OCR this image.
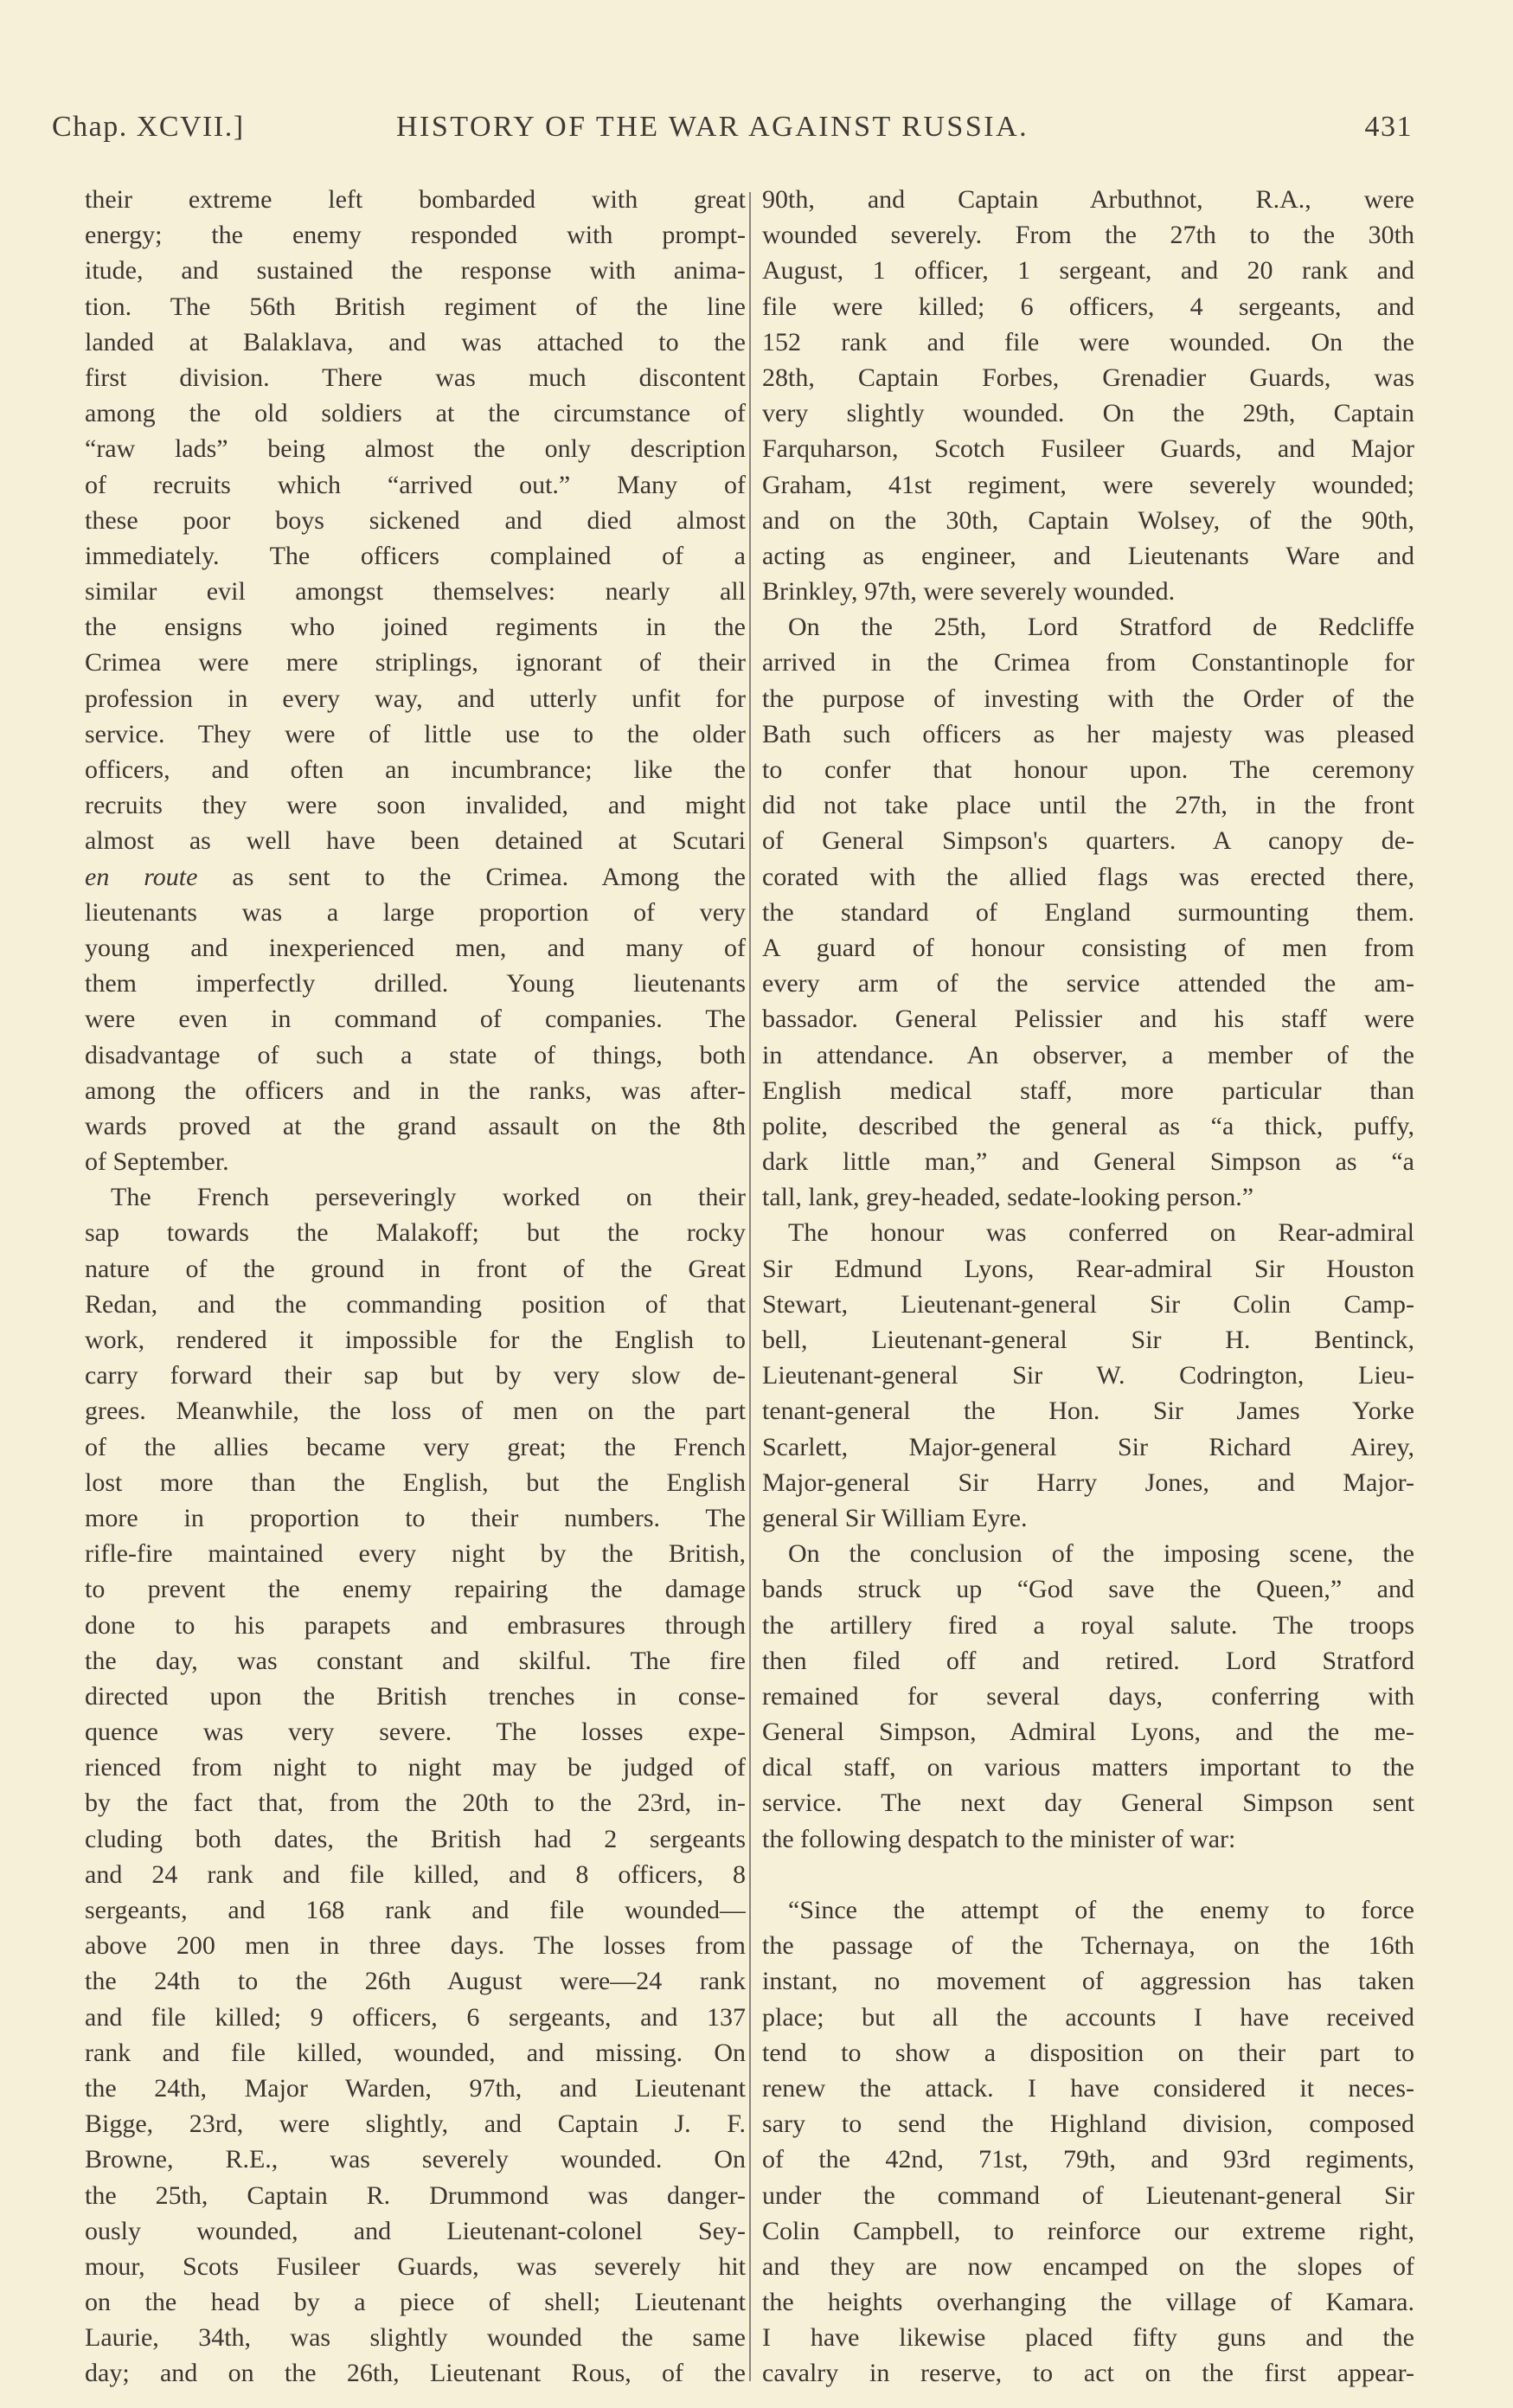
Chap. XCVII.]	HISTORY OF THE WAR AGAINST RUSSIA.	431
their extreme left bombarded with great
energy; the enemy responded with prompt-
itude, and sustained the response with anima-
tion. The 56th British regiment of the line
landed at Balaklava, and was attached to the
first division. There was much discontent
among the old soldiers at the circumstance of
“raw lads” being almost the only description
of recruits which “arrived out.” Many of
these poor boys sickened and died almost
immediately. The officers complained of a
similar evil amongst themselves: nearly all
the ensigns who joined regiments in the
Crimea were mere striplings, ignorant of their
profession in every way, and utterly unfit for
service. They were of little use to the older
officers, and often an incumbrance; like the
recruits they were soon invalided, and might
almost as well have been detained at Scutari
en route as sent to the Crimea. Among the
lieutenants was a large proportion of very
young and inexperienced men, and many of
them imperfectly drilled. Young lieutenants
were even in command of companies. The
disadvantage of such a state of things, both
among the officers and in the ranks, was after-
wards proved at the grand assault on the 8th
of September.
The French perseveringly worked on their
sap towards the Malakoff; but the rocky
nature of the ground in front of the Great
Redan, and the commanding position of that
work, rendered it impossible for the English to
carry forward their sap but by very slow de-
grees. Meanwhile, the loss of men on the part
of the allies became very great; the French
lost more than the English, but the English
more in proportion to their numbers. The
rifle-fire maintained every night by the British,
to prevent the enemy repairing the damage
done to his parapets and embrasures through
the day, was constant and skilful. The fire
directed upon the British trenches in conse-
quence was very severe. The losses expe-
rienced from night to night may be judged of
by the fact that, from the 20th to the 23rd, in-
cluding both dates, the British had 2 sergeants
and 24 rank and file killed, and 8 officers, 8
sergeants, and 168 rank and file wounded—
above 200 men in three days. The losses from
the 24th to the 26th August were—24 rank
and file killed; 9 officers, 6 sergeants, and 137
rank and file killed, wounded, and missing. On
the 24th, Major Warden, 97th, and Lieutenant
Bigge, 23rd, were slightly, and Captain J. F.
Browne, R.E., was severely wounded. On
the 25th, Captain R. Drummond was danger-
ously wounded, and Lieutenant-colonel Sey-
mour, Scots Fusileer Guards, was severely hit
on the head by a piece of shell; Lieutenant
Laurie, 34th, was slightly wounded the same
day; and on the 26th, Lieutenant Rous, of the
90th, and Captain Arbuthnot, R.A., were
wounded severely. From the 27th to the 30th
August, 1 officer, 1 sergeant, and 20 rank and
file were killed; 6 officers, 4 sergeants, and
152 rank and file were wounded. On the
28th, Captain Forbes, Grenadier Guards, was
very slightly wounded. On the 29th, Captain
Farquharson, Scotch Fusileer Guards, and Major
Graham, 41st regiment, were severely wounded;
and on the 30th, Captain Wolsey, of the 90th,
acting as engineer, and Lieutenants Ware and
Brinkley, 97th, were severely wounded.
On the 25th, Lord Stratford de Redcliffe
arrived in the Crimea from Constantinople for
the purpose of investing with the Order of the
Bath such officers as her majesty was pleased
to confer that honour upon. The ceremony
did not take place until the 27th, in the front
of General Simpson's quarters. A canopy de-
corated with the allied flags was erected there,
the standard of England surmounting them.
A guard of honour consisting of men from
every arm of the service attended the am-
bassador. General Pelissier and his staff were
in attendance. An observer, a member of the
English medical staff, more particular than
polite, described the general as “a thick, puffy,
dark little man,” and General Simpson as “a
tall, lank, grey-headed, sedate-looking person.”
The honour was conferred on Rear-admiral
Sir Edmund Lyons, Rear-admiral Sir Houston
Stewart, Lieutenant-general Sir Colin Camp-
bell, Lieutenant-general Sir H. Bentinck,
Lieutenant-general Sir W. Codrington, Lieu-
tenant-general the Hon. Sir James Yorke
Scarlett, Major-general Sir Richard Airey,
Major-general Sir Harry Jones, and Major-
general Sir William Eyre.
On the conclusion of the imposing scene, the
bands struck up “God save the Queen,” and
the artillery fired a royal salute. The troops
then filed off and retired. Lord Stratford
remained for several days, conferring with
General Simpson, Admiral Lyons, and the me-
dical staff, on various matters important to the
service. The next day General Simpson sent
the following despatch to the minister of war:
“Since the attempt of the enemy to force
the passage of the Tchernaya, on the 16th
instant, no movement of aggression has taken
place; but all the accounts I have received
tend to show a disposition on their part to
renew the attack. I have considered it neces-
sary to send the Highland division, composed
of the 42nd, 71st, 79th, and 93rd regiments,
under the command of Lieutenant-general Sir
Colin Campbell, to reinforce our extreme right,
and they are now encamped on the slopes of
the heights overhanging the village of Kamara.
I have likewise placed fifty guns and the
cavalry in reserve, to act on the first appear-
